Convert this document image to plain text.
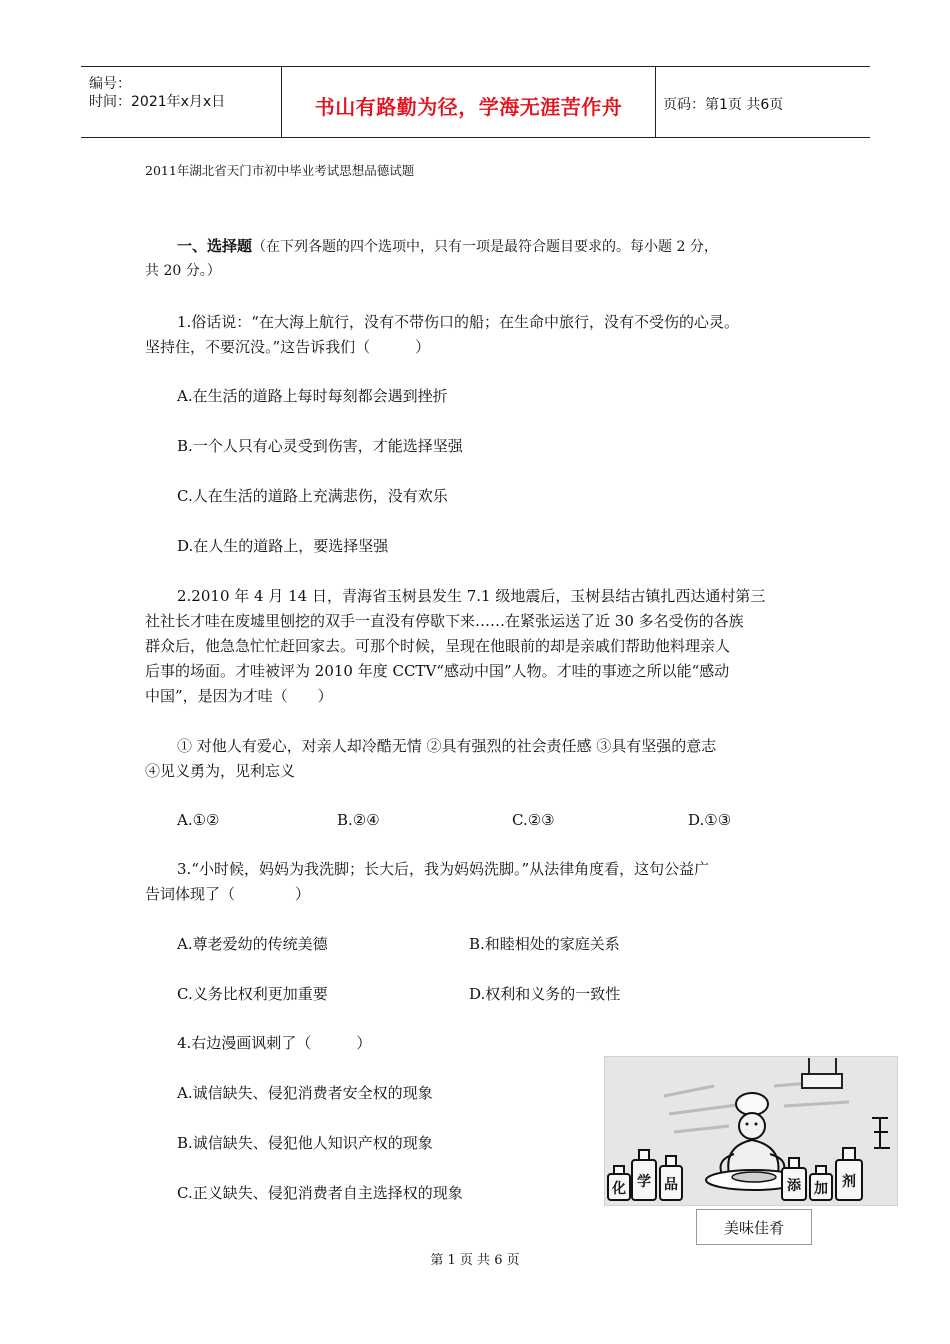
编号：
时间：2021年x月x日	书山有路勤为径，学海无涯苦作舟	页码：第1页 共6页
2011年湖北省天门市初中毕业考试思想品德试题
一、选择题（在下列各题的四个选项中，只有一项是最符合题目要求的。每小题 2 分，
共 20 分。）
1.俗话说：“在大海上航行，没有不带伤口的船；在生命中旅行，没有不受伤的心灵。
坚持住，不要沉没。”这告诉我们（　　　）
A.在生活的道路上每时每刻都会遇到挫折
B.一个人只有心灵受到伤害，才能选择坚强
C.人在生活的道路上充满悲伤，没有欢乐
D.在人生的道路上，要选择坚强
2.2010 年 4 月 14 日，青海省玉树县发生 7.1 级地震后，玉树县结古镇扎西达通村第三
社社长才哇在废墟里刨挖的双手一直没有停歇下来……在紧张运送了近 30 多名受伤的各族
群众后，他急急忙忙赶回家去。可那个时候，呈现在他眼前的却是亲戚们帮助他料理亲人
后事的场面。才哇被评为 2010 年度 CCTV“感动中国”人物。才哇的事迹之所以能“感动
中国”，是因为才哇（　　）
① 对他人有爱心，对亲人却冷酷无情 ②具有强烈的社会责任感 ③具有坚强的意志
④见义勇为，见利忘义
A.①②	B.②④	C.②③	D.①③
3.“小时候，妈妈为我洗脚；长大后，我为妈妈洗脚。”从法律角度看，这句公益广
告词体现了（　　　　）
A.尊老爱幼的传统美德	B.和睦相处的家庭关系
C.义务比权利更加重要	D.权利和义务的一致性
4.右边漫画讽刺了（　　　）
A.诚信缺失、侵犯消费者安全权的现象
B.诚信缺失、侵犯他人知识产权的现象
C.正义缺失、侵犯消费者自主选择权的现象	化 学 品	添 加 剂
美味佳肴
第 1 页 共 6 页
